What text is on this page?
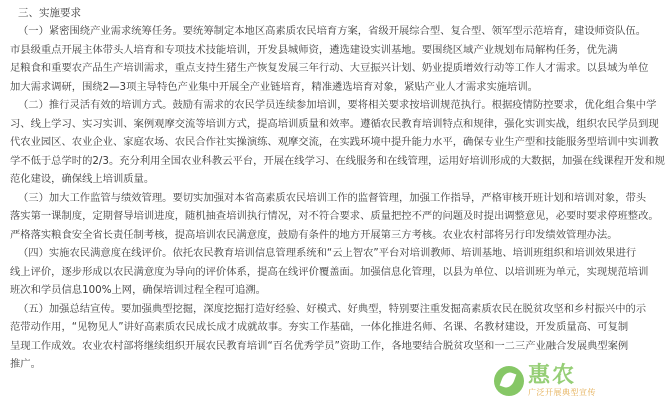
三、实施要求
（一）紧密围绕产业需求统筹任务。要统筹制定本地区高素质农民培育方案，省级开展综合型、复合型、领军型示范培育，建设师资队伍。
市县级重点开展主体带头人培育和专项技术技能培训，开发县城师资，遴选建设实训基地。要围绕区域产业规划布局解构任务，优先满
足粮食和重要农产品生产培训需求，重点支持生猪生产恢复发展三年行动、大豆振兴计划、奶业提质增效行动等工作人才需求。以县域为单位
加大需求调研，围绕2—3项主导特色产业集中开展全产业链培育，精准遴选培育对象，紧贴产业人才需求实施培训。
（二）推行灵活有效的培训方式。鼓励有需求的农民学员连续参加培训，要将相关要求按培训规范执行。根据疫情防控要求，优化组合集中学
习、线上学习、实习实训、案例观摩交流等培训方式，提高培训质量和效率。遵循农民教育培训特点和规律，强化实训实战，组织农民学员到现
代农业园区、农业企业、家庭农场、农民合作社实操演练、观摩交流，在实践环境中提升能力水平，确保专业生产型和技能服务型培训中实训教
学不低于总学时的2/3。充分利用全国农业科教云平台，开展在线学习、在线服务和在线管理，运用好培训形成的大数据，加强在线课程开发和规
范化建设，确保线上培训质量。
（三）加大工作监管与绩效管理。要切实加强对本省高素质农民培训工作的监督管理，加强工作指导，严格审核开班计划和培训对象，带头
落实第一课制度，定期督导培训进度，随机抽查培训执行情况，对不符合要求、质量把控不严的问题及时提出调整意见，必要时要求停班整改。
严格落实粮食安全省长责任制考核，提高培训农民满意度，鼓励有条件的地方开展第三方考核。农业农村部将另行印发绩效管理办法。
（四）实施农民满意度在线评价。依托农民教育培训信息管理系统和“云上智农”平台对培训教师、培训基地、培训班组织和培训效果进行
线上评价，逐步形成以农民满意度为导向的评价体系，提高在线评价覆盖面。加强信息化管理，以县为单位、以培训班为单元，实现规范培训
班次和学员信息100%上网，确保培训过程全程可追溯。
（五）加强总结宣传。要加强典型挖掘，深度挖掘打造好经验、好模式、好典型，特别要注重发掘高素质农民在脱贫攻坚和乡村振兴中的示
范带动作用，“见物见人”讲好高素质农民成长成才成就故事。夯实工作基础，一体化推进名师、名课、名教材建设，开发质量高、可复制
呈现工作成效。农业农村部将继续组织开展农民教育培训“百名优秀学员”资助工作，各地要结合脱贫攻坚和一二三产业融合发展典型案例
推广。	惠农
广泛开展典型宣传
